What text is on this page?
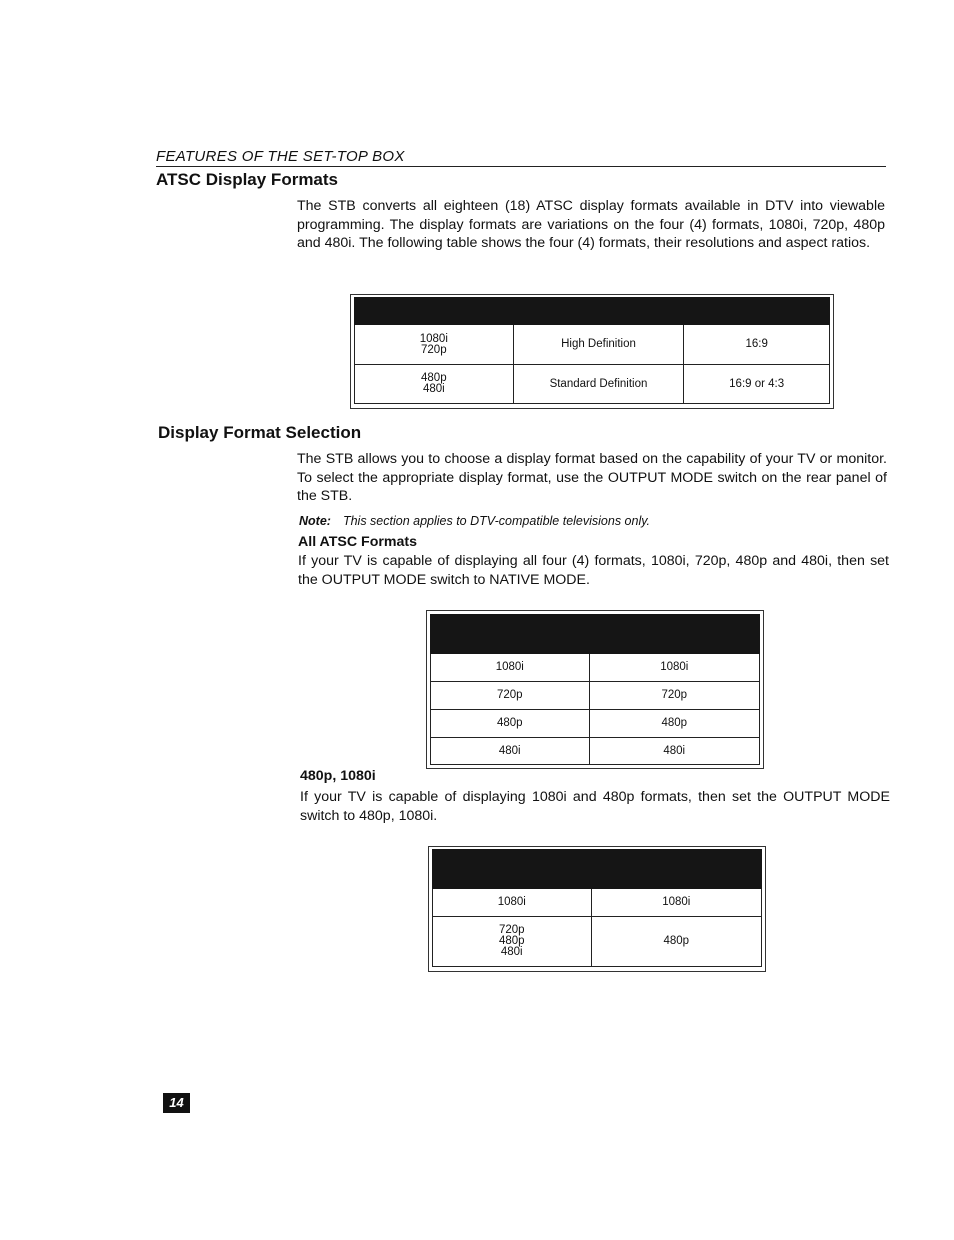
FEATURES OF THE SET-TOP BOX
ATSC Display Formats
The STB converts all eighteen (18) ATSC display formats available in DTV into viewable programming. The display formats are variations on the four (4) formats, 1080i, 720p, 480p and 480i. The following table shows the four (4) formats, their resolutions and aspect ratios.

1080i
720p	High Definition	16:9

480p
480i	Standard Definition	16:9 or 4:3
Display Format Selection
The STB allows you to choose a display format based on the capability of your TV or monitor. To select the appropriate display format, use the OUTPUT MODE switch on the rear panel of the STB.
Note: This section applies to DTV-compatible televisions only.
All ATSC Formats
If your TV is capable of displaying all four (4) formats, 1080i, 720p, 480p and 480i, then set the OUTPUT MODE switch to NATIVE MODE.

1080i	1080i
720p	720p
480p	480p
480i	480i
480p, 1080i
If your TV is capable of displaying 1080i and 480p formats, then set the OUTPUT MODE switch to 480p, 1080i.

1080i	1080i

720p
480p
480i	480p
14
